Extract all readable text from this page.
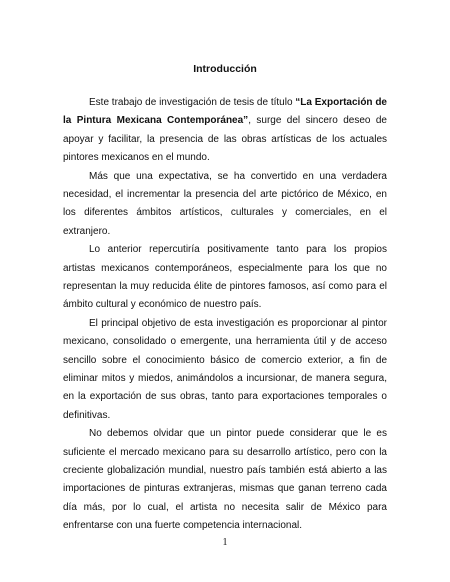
Introducción

Este trabajo de investigación de tesis de título “La Exportación de la Pintura Mexicana Contemporánea”, surge del sincero deseo de apoyar y facilitar, la presencia de las obras artísticas de los actuales pintores mexicanos en el mundo.

Más que una expectativa, se ha convertido en una verdadera necesidad, el incrementar la presencia del arte pictórico de México, en los diferentes ámbitos artísticos, culturales y comerciales, en el extranjero.

Lo anterior repercutiría positivamente tanto para los propios artistas mexicanos contemporáneos, especialmente para los que no representan la muy reducida élite de pintores famosos, así como para el ámbito cultural y económico de nuestro país.

El principal objetivo de esta investigación es proporcionar al pintor mexicano, consolidado o emergente, una herramienta útil y de acceso sencillo sobre el conocimiento básico de comercio exterior, a fin de eliminar mitos y miedos, animándolos a incursionar, de manera segura, en la exportación de sus obras, tanto para exportaciones temporales o definitivas.

No debemos olvidar que un pintor puede considerar que le es suficiente el mercado mexicano para su desarrollo artístico, pero con la creciente globalización mundial, nuestro país también está abierto a las importaciones de pinturas extranjeras, mismas que ganan terreno cada día más, por lo cual, el artista no necesita salir de México para enfrentarse con una fuerte competencia internacional.

1
